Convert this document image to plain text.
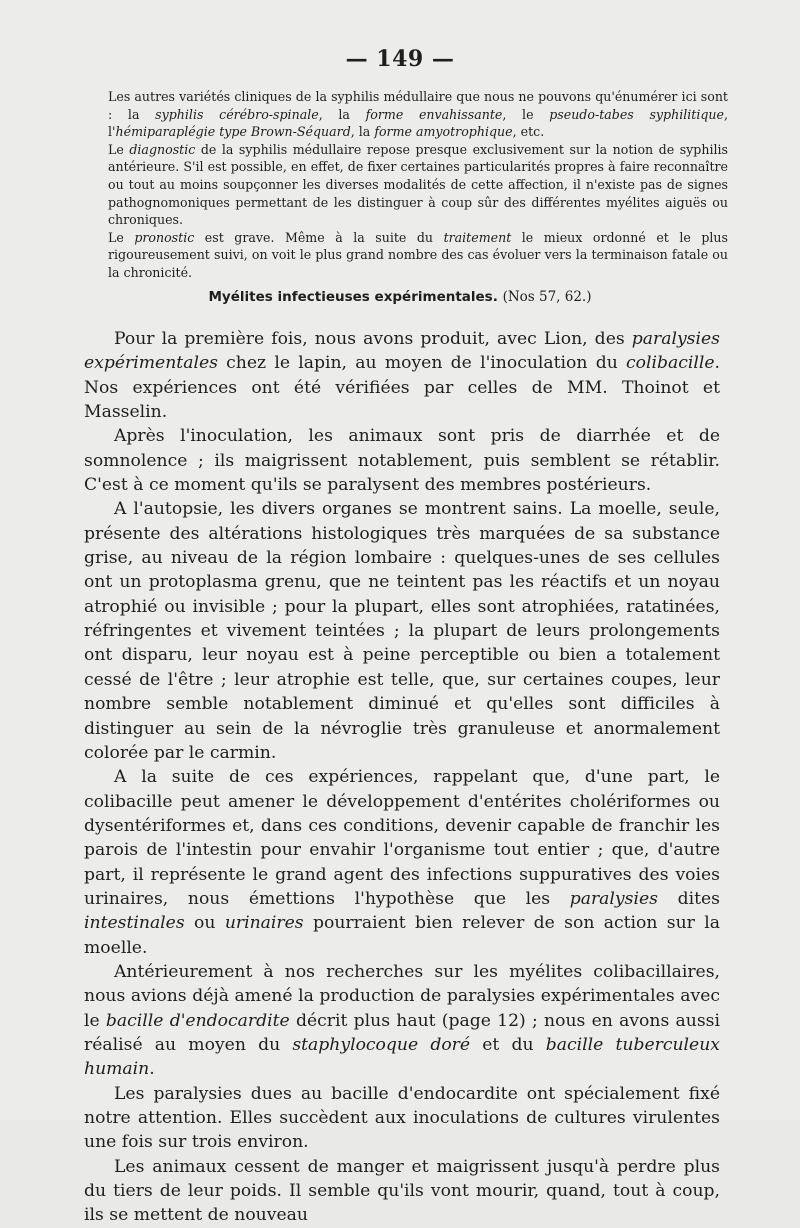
— 149 —

Les autres variétés cliniques de la syphilis médullaire que nous ne pouvons qu'énumérer ici sont : la syphilis cérébro-spinale, la forme envahissante, le pseudo-tabes syphilitique, l'hémiparaplégie type Brown-Séquard, la forme amyotrophique, etc.

Le diagnostic de la syphilis médullaire repose presque exclusivement sur la notion de syphilis antérieure. S'il est possible, en effet, de fixer certaines particularités propres à faire reconnaître ou tout au moins soupçonner les diverses modalités de cette affection, il n'existe pas de signes pathognomoniques permettant de les distinguer à coup sûr des différentes myélites aiguës ou chroniques.

Le pronostic est grave. Même à la suite du traitement le mieux ordonné et le plus rigoureusement suivi, on voit le plus grand nombre des cas évoluer vers la terminaison fatale ou la chronicité.

Myélites infectieuses expérimentales. (Nos 57, 62.)

Pour la première fois, nous avons produit, avec Lion, des paralysies expérimentales chez le lapin, au moyen de l'inoculation du colibacille. Nos expériences ont été vérifiées par celles de MM. Thoinot et Masselin.

Après l'inoculation, les animaux sont pris de diarrhée et de somnolence ; ils maigrissent notablement, puis semblent se rétablir. C'est à ce moment qu'ils se paralysent des membres postérieurs.

A l'autopsie, les divers organes se montrent sains. La moelle, seule, présente des altérations histologiques très marquées de sa substance grise, au niveau de la région lombaire : quelques-unes de ses cellules ont un protoplasma grenu, que ne teintent pas les réactifs et un noyau atrophié ou invisible ; pour la plupart, elles sont atrophiées, ratatinées, réfringentes et vivement teintées ; la plupart de leurs prolongements ont disparu, leur noyau est à peine perceptible ou bien a totalement cessé de l'être ; leur atrophie est telle, que, sur certaines coupes, leur nombre semble notablement diminué et qu'elles sont difficiles à distinguer au sein de la névroglie très granuleuse et anormalement colorée par le carmin.

A la suite de ces expériences, rappelant que, d'une part, le colibacille peut amener le développement d'entérites cholériformes ou dysentériformes et, dans ces conditions, devenir capable de franchir les parois de l'intestin pour envahir l'organisme tout entier ; que, d'autre part, il représente le grand agent des infections suppuratives des voies urinaires, nous émettions l'hypothèse que les paralysies dites intestinales ou urinaires pourraient bien relever de son action sur la moelle.

Antérieurement à nos recherches sur les myélites colibacillaires, nous avions déjà amené la production de paralysies expérimentales avec le bacille d'endocardite décrit plus haut (page 12) ; nous en avons aussi réalisé au moyen du staphylocoque doré et du bacille tuberculeux humain.

Les paralysies dues au bacille d'endocardite ont spécialement fixé notre attention. Elles succèdent aux inoculations de cultures virulentes une fois sur trois environ.

Les animaux cessent de manger et maigrissent jusqu'à perdre plus du tiers de leur poids. Il semble qu'ils vont mourir, quand, tout à coup, ils se mettent de nouveau
